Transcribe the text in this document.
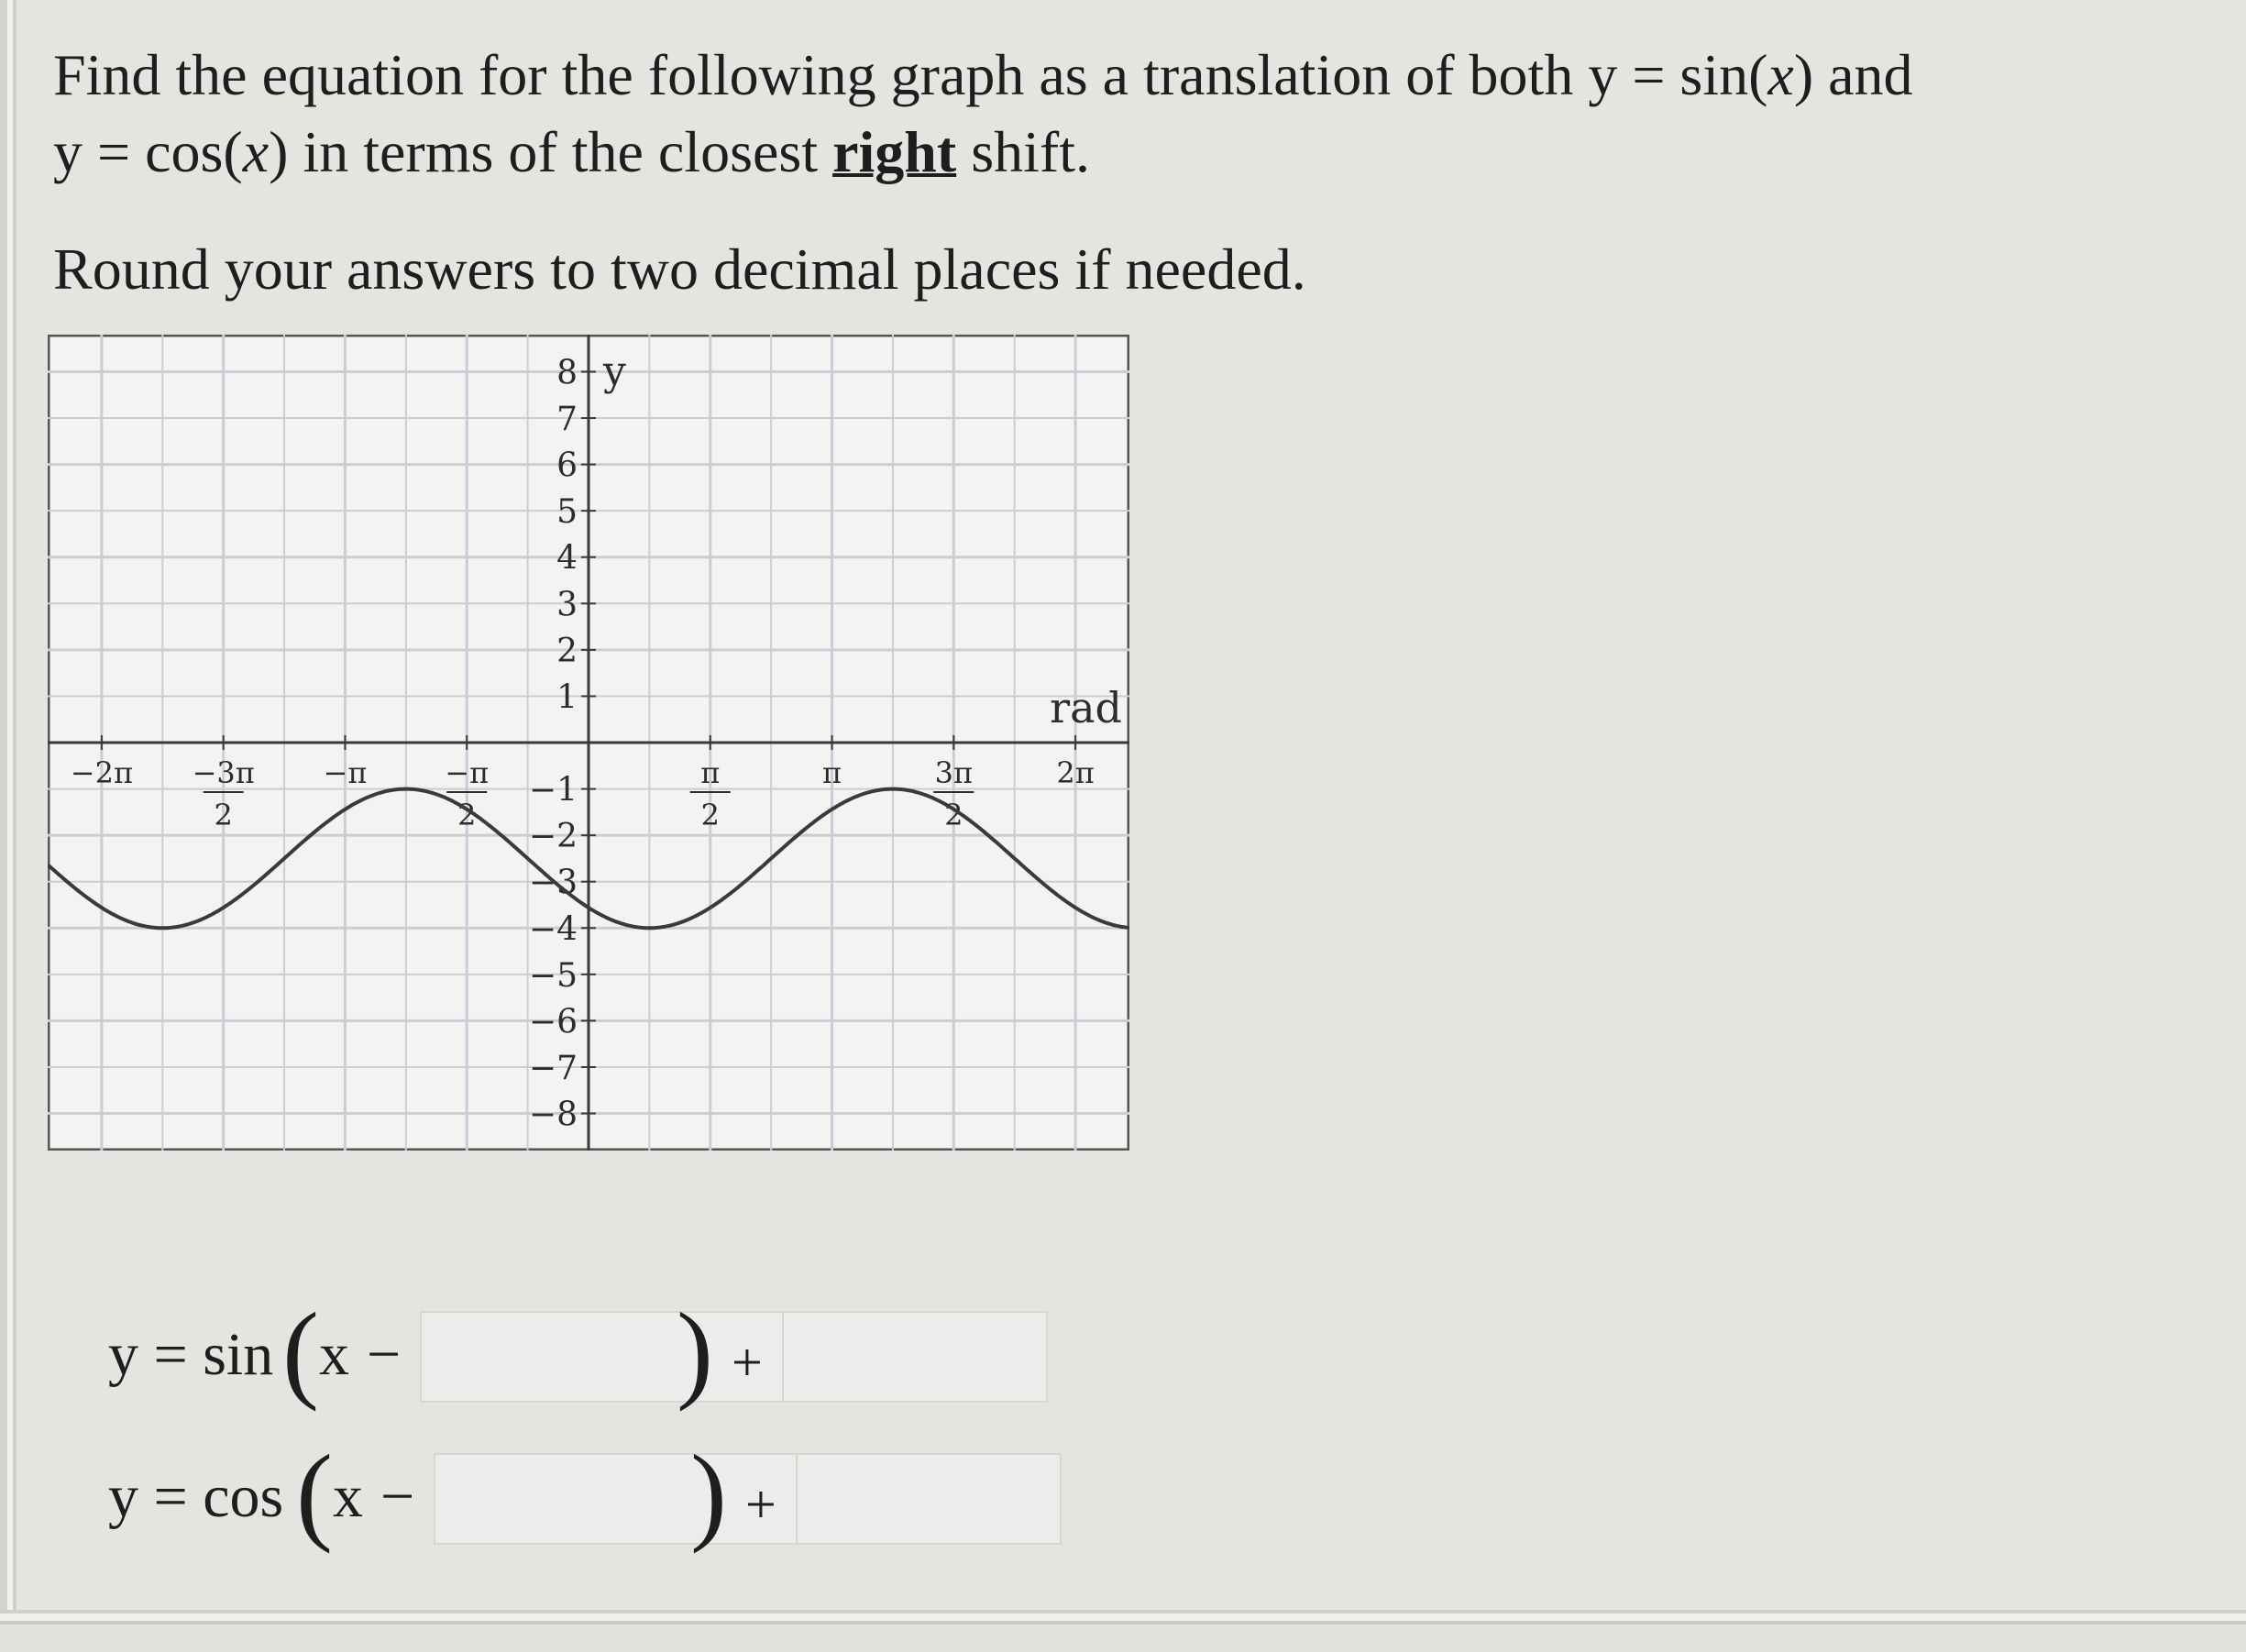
Find the equation for the following graph as a translation of both y = sin(x) and

y = cos(x) in terms of the closest right shift.

Round your answers to two decimal places if needed.

8
7
6
5
4
3
2
1
−1
−2
−3
−4
−5
−6
−7
−8
y
−2π −3π
2
−π	−π
2
π
2
π	3π
2
2π
rad
y = sin ( x −	) +
y = cos ( x −	) +
